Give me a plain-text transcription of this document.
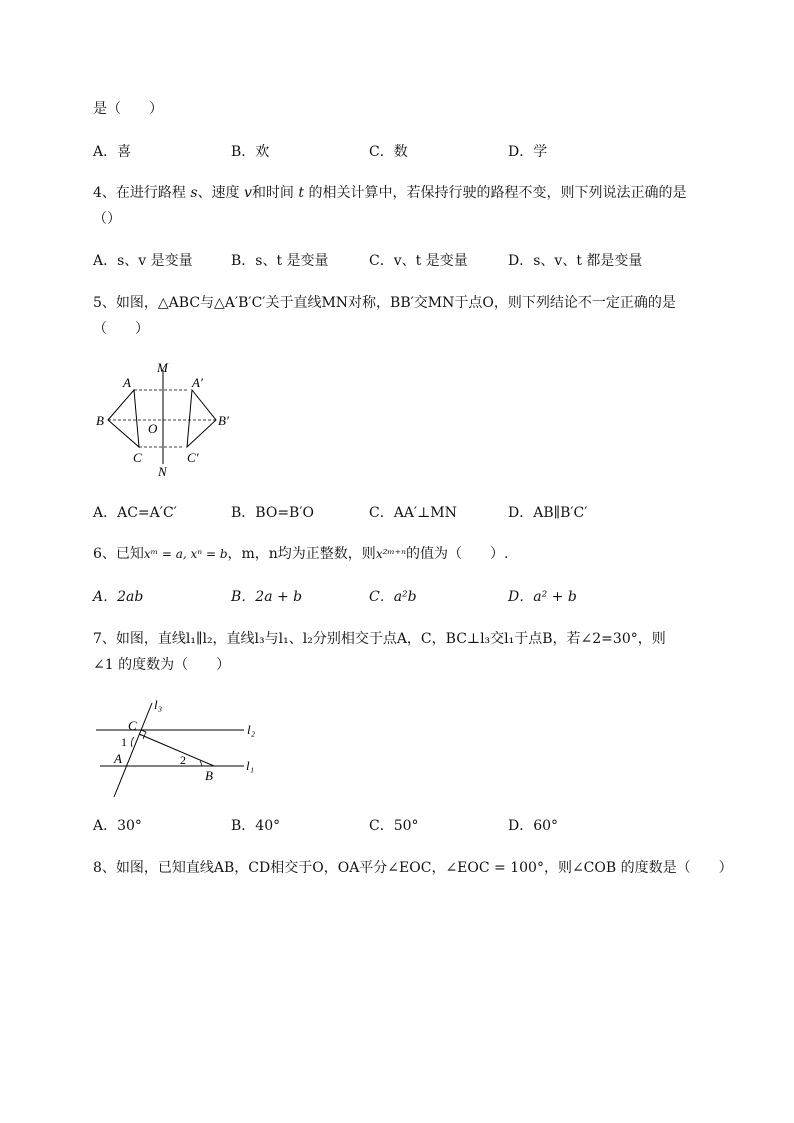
是（　　）
A．喜	B．欢	C．数	D．学
4、在进行路程 s、速度 v和时间 t 的相关计算中，若保持行驶的路程不变，则下列说法正确的是
（）
A．s、v 是变量	B．s、t 是变量	C．v、t 是变量	D．s、v、t 都是变量
5、如图，△ABC与△A′B′C′关于直线MN对称，BB′交MN于点O，则下列结论不一定正确的是
（　　）
M
N
O
A
B
C
A′
B′
C′
A．AC=A′C′	B．BO=B′O	C．AA′⊥MN	D．AB∥B′C′
6、已知xᵐ = a, xⁿ = b，m，n均为正整数，则x²ᵐ⁺ⁿ的值为（　　）.
A．2ab	B．2a + b	C．a²b	D．a² + b
7、如图，直线l₁∥l₂，直线l₃与l₁、l₂分别相交于点A，C，BC⊥l₃交l₁于点B，若∠2=30°，则
∠1 的度数为（　　）
l₃
l₂
l₁
C
1
A	2
B
A．30°	B．40°	C．50°	D．60°
8、如图，已知直线AB，CD相交于O，OA平分∠EOC，∠EOC = 100°，则∠COB 的度数是（　　）
